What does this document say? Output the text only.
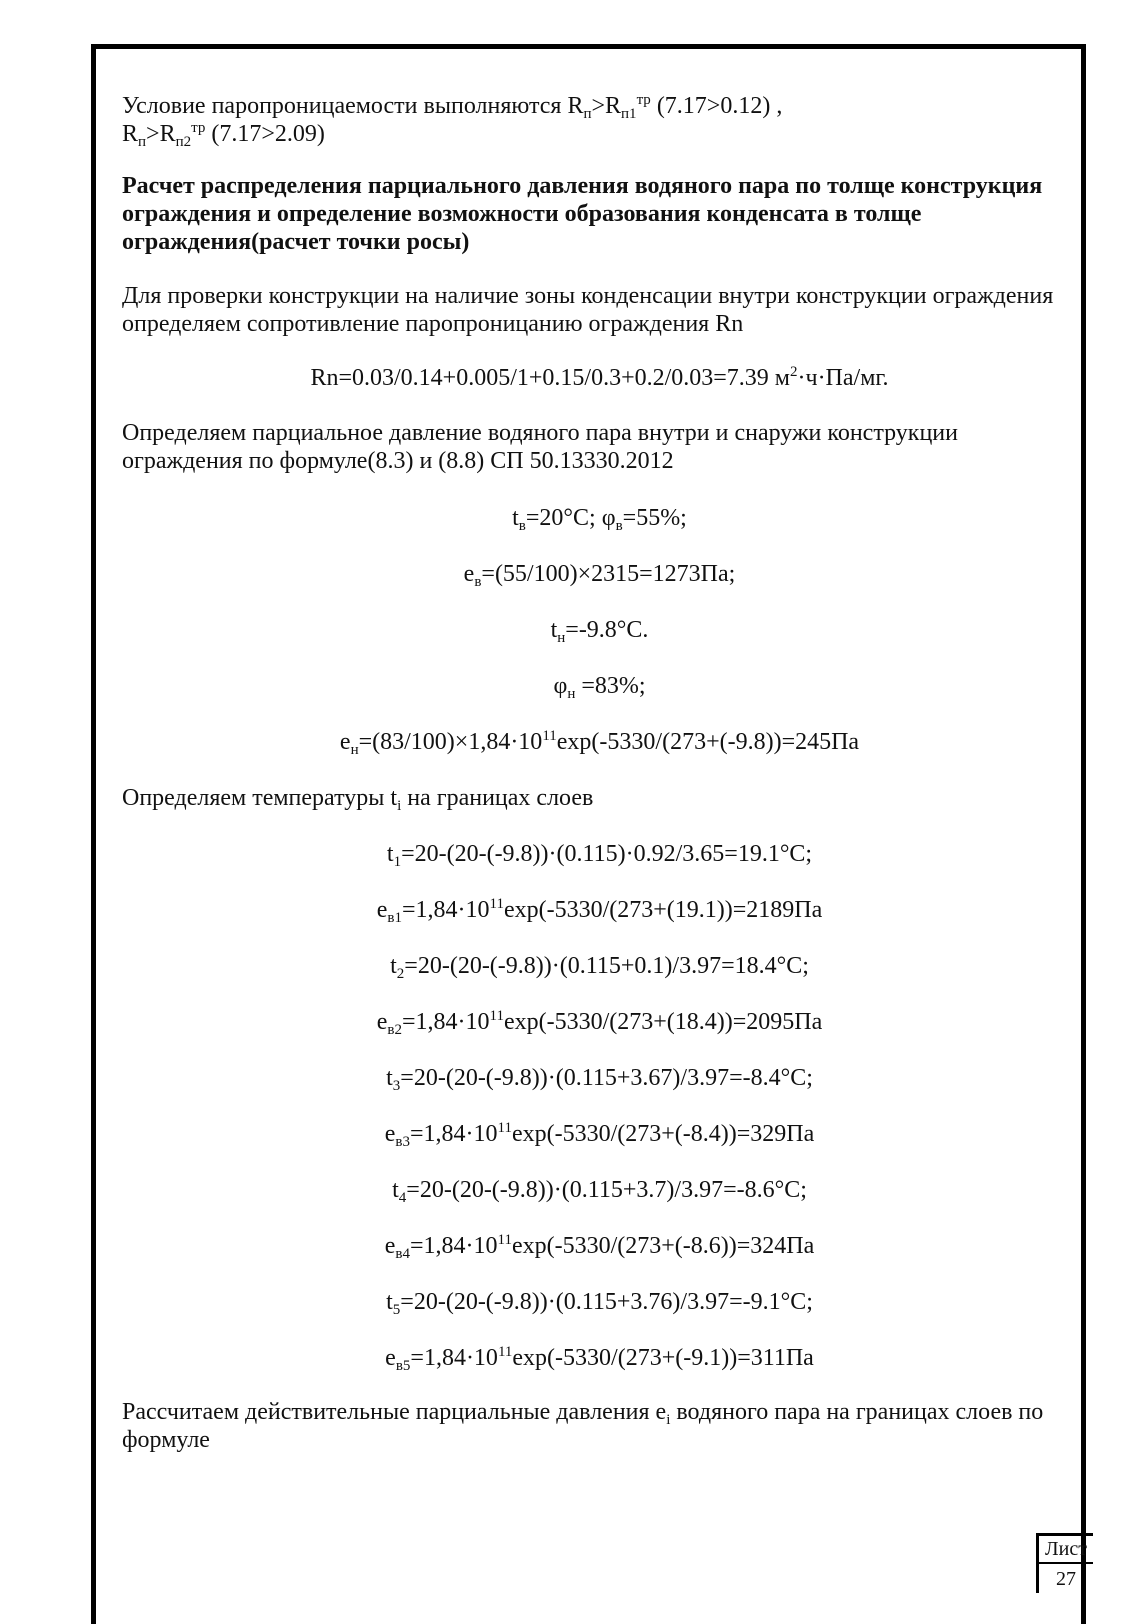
Условие паропроницаемости выполняются $R_п>R_{п1}^{тр}$ (7.17>0.12) ,
$R_п>R_{п2}^{тр}$ (7.17>2.09)

Расчет распределения парциального давления водяного пара по толще конструкция ограждения и определение возможности образования конденсата в толще ограждения(расчет точки росы)

Для проверки конструкции на наличие зоны конденсации внутри конструкции ограждения определяем сопротивление паропроницанию ограждения Rn

Rn=0.03/0.14+0.005/1+0.15/0.3+0.2/0.03=7.39 $м^2\cdot ч\cdot Па/мг$.

Определяем парциальное давление водяного пара внутри и снаружи конструкции ограждения по формуле(8.3) и (8.8) СП 50.13330.2012

$t_в=20^\circ С$; $\varphi_в=55\%$;

$e_в=(55/100)\times 2315=1273Па$;

$t_н=-9.8^\circ С$.

$\varphi_н =83\%$;

$e_н=(83/100)\times 1,84\cdot 10^{11}\exp(-5330/(273+(-9.8))=245Па$

Определяем температуры $t_i$ на границах слоев

$t_1=20-(20-(-9.8))\cdot(0.115)\cdot 0.92/3.65=19.1^\circ С$;

$e_{в1}=1,84\cdot 10^{11}\exp(-5330/(273+(19.1))=2189Па$

$t_2=20-(20-(-9.8))\cdot(0.115+0.1)/3.97=18.4^\circ С$;

$e_{в2}=1,84\cdot 10^{11}\exp(-5330/(273+(18.4))=2095Па$

$t_3=20-(20-(-9.8))\cdot(0.115+3.67)/3.97=-8.4^\circ С$;

$e_{в3}=1,84\cdot 10^{11}\exp(-5330/(273+(-8.4))=329Па$

$t_4=20-(20-(-9.8))\cdot(0.115+3.7)/3.97=-8.6^\circ С$;

$e_{в4}=1,84\cdot 10^{11}\exp(-5330/(273+(-8.6))=324Па$

$t_5=20-(20-(-9.8))\cdot(0.115+3.76)/3.97=-9.1^\circ С$;

$e_{в5}=1,84\cdot 10^{11}\exp(-5330/(273+(-9.1))=311Па$

Рассчитаем действительные парциальные давления $e_i$ водяного пара на границах слоев по формуле

Лист
27
